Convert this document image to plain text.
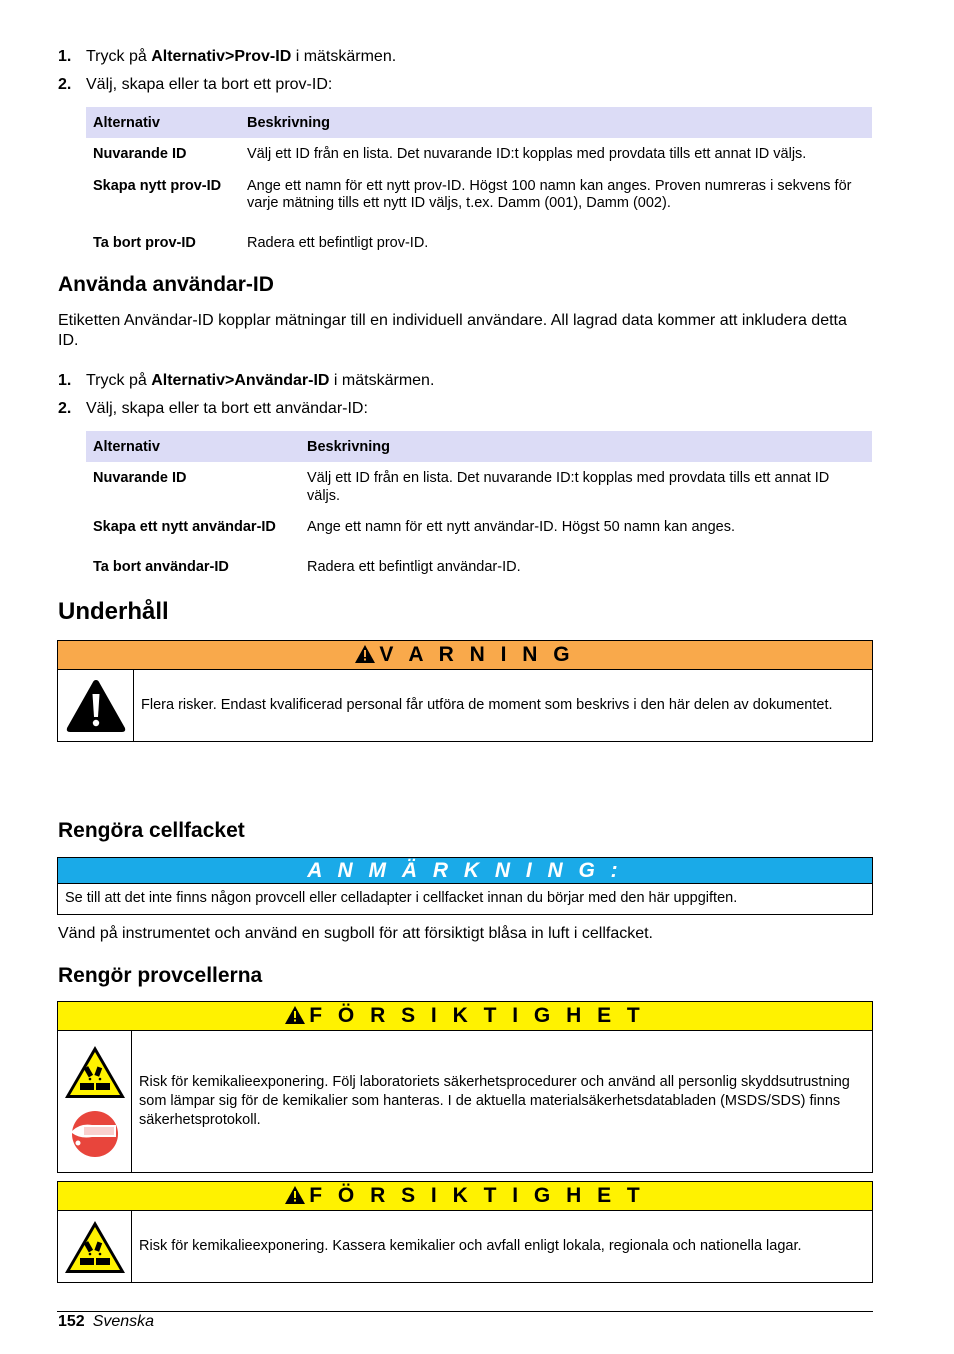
1. Tryck på Alternativ>Prov-ID i mätskärmen.
2. Välj, skapa eller ta bort ett prov-ID:
Alternativ	Beskrivning
Nuvarande ID	Välj ett ID från en lista. Det nuvarande ID:t kopplas med provdata tills ett annat ID väljs.
Skapa nytt prov-ID	Ange ett namn för ett nytt prov-ID. Högst 100 namn kan anges. Proven numreras i sekvens för varje mätning tills ett nytt ID väljs, t.ex. Damm (001), Damm (002).
Ta bort prov-ID	Radera ett befintligt prov-ID.
Använda användar-ID
Etiketten Användar-ID kopplar mätningar till en individuell användare. All lagrad data kommer att inkludera detta ID.
1. Tryck på Alternativ>Användar-ID i mätskärmen.
2. Välj, skapa eller ta bort ett användar-ID:
Alternativ	Beskrivning
Nuvarande ID	Välj ett ID från en lista. Det nuvarande ID:t kopplas med provdata tills ett annat ID väljs.
Skapa ett nytt användar-ID	Ange ett namn för ett nytt användar-ID. Högst 50 namn kan anges.
Ta bort användar-ID	Radera ett befintligt användar-ID.
Underhåll
V A R N I N G
Flera risker. Endast kvalificerad personal får utföra de moment som beskrivs i den här delen av dokumentet.
Rengöra cellfacket
A N M Ä R K N I N G :
Se till att det inte finns någon provcell eller celladapter i cellfacket innan du börjar med den här uppgiften.
Vänd på instrumentet och använd en sugboll för att försiktigt blåsa in luft i cellfacket.
Rengör provcellerna
F Ö R S I K T I G H E T
Risk för kemikalieexponering. Följ laboratoriets säkerhetsprocedurer och använd all personlig skyddsutrustning som lämpar sig för de kemikalier som hanteras. I de aktuella materialsäkerhetsdatabladen (MSDS/SDS) finns säkerhetsprotokoll.
F Ö R S I K T I G H E T
Risk för kemikalieexponering. Kassera kemikalier och avfall enligt lokala, regionala och nationella lagar.
152 Svenska
